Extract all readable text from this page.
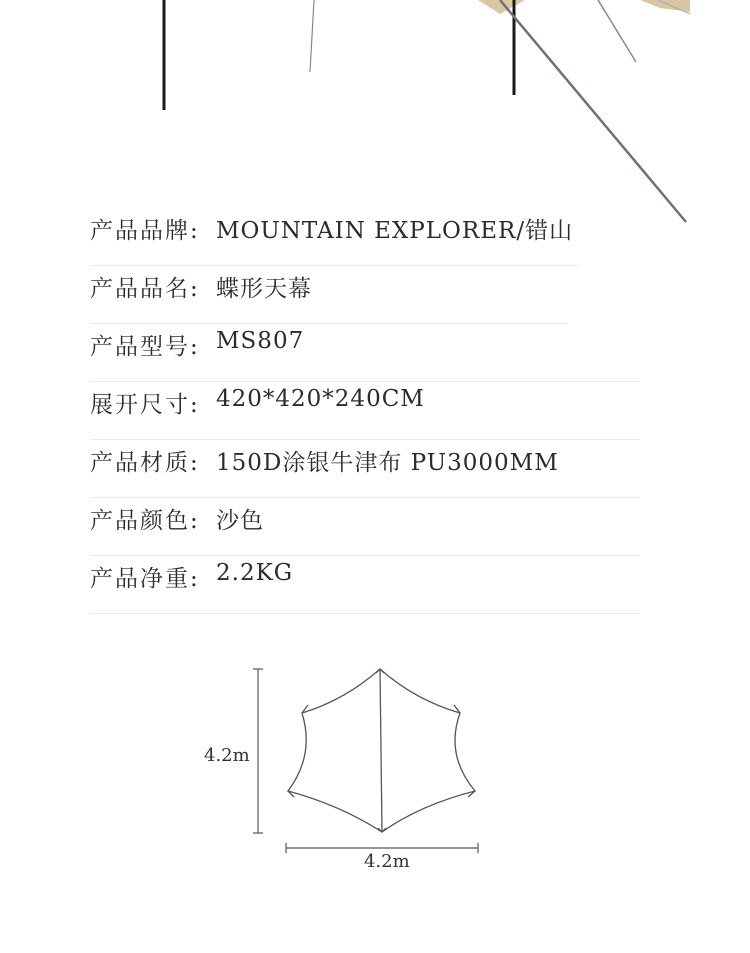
产品品牌: MOUNTAIN EXPLORER/错山
产品品名: 蝶形天幕
产品型号: MS807
展开尺寸: 420*420*240CM
产品材质: 150D涂银牛津布 PU3000MM
产品颜色: 沙色
产品净重: 2.2KG
4.2m
4.2m
